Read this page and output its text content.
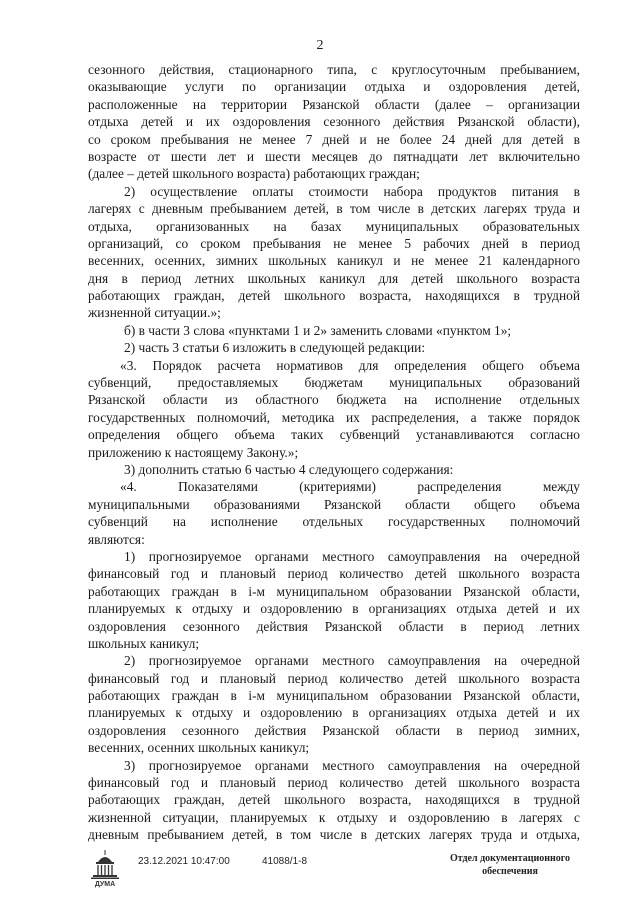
2
сезонного действия, стационарного типа, с круглосуточным пребыванием,
оказывающие услуги по организации отдыха и оздоровления детей,
расположенные на территории Рязанской области (далее – организации
отдыха детей и их оздоровления сезонного действия Рязанской области),
со сроком пребывания не менее 7 дней и не более 24 дней для детей в
возрасте от шести лет и шести месяцев до пятнадцати лет включительно
(далее – детей школьного возраста) работающих граждан;
2) осуществление оплаты стоимости набора продуктов питания в
лагерях с дневным пребыванием детей, в том числе в детских лагерях труда и
отдыха, организованных на базах муниципальных образовательных
организаций, со сроком пребывания не менее 5 рабочих дней в период
весенних, осенних, зимних школьных каникул и не менее 21 календарного
дня в период летних школьных каникул для детей школьного возраста
работающих граждан, детей школьного возраста, находящихся в трудной
жизненной ситуации.»;
б) в части 3 слова «пунктами 1 и 2» заменить словами «пунктом 1»;
2) часть 3 статьи 6 изложить в следующей редакции:
«3. Порядок расчета нормативов для определения общего объема
субвенций, предоставляемых бюджетам муниципальных образований
Рязанской области из областного бюджета на исполнение отдельных
государственных полномочий, методика их распределения, а также порядок
определения общего объема таких субвенций устанавливаются согласно
приложению к настоящему Закону.»;
3) дополнить статью 6 частью 4 следующего содержания:
«4. Показателями (критериями) распределения между
муниципальными образованиями Рязанской области общего объема
субвенций на исполнение отдельных государственных полномочий
являются:
1) прогнозируемое органами местного самоуправления на очередной
финансовый год и плановый период количество детей школьного возраста
работающих граждан в i-м муниципальном образовании Рязанской области,
планируемых к отдыху и оздоровлению в организациях отдыха детей и их
оздоровления сезонного действия Рязанской области в период летних
школьных каникул;
2) прогнозируемое органами местного самоуправления на очередной
финансовый год и плановый период количество детей школьного возраста
работающих граждан в i-м муниципальном образовании Рязанской области,
планируемых к отдыху и оздоровлению в организациях отдыха детей и их
оздоровления сезонного действия Рязанской области в период зимних,
весенних, осенних школьных каникул;
3) прогнозируемое органами местного самоуправления на очередной
финансовый год и плановый период количество детей школьного возраста
работающих граждан, детей школьного возраста, находящихся в трудной
жизненной ситуации, планируемых к отдыху и оздоровлению в лагерях с
дневным пребыванием детей, в том числе в детских лагерях труда и отдыха,
ДУМА
23.12.2021 10:47:00	41088/1-8	Отдел документационного
обеспечения
